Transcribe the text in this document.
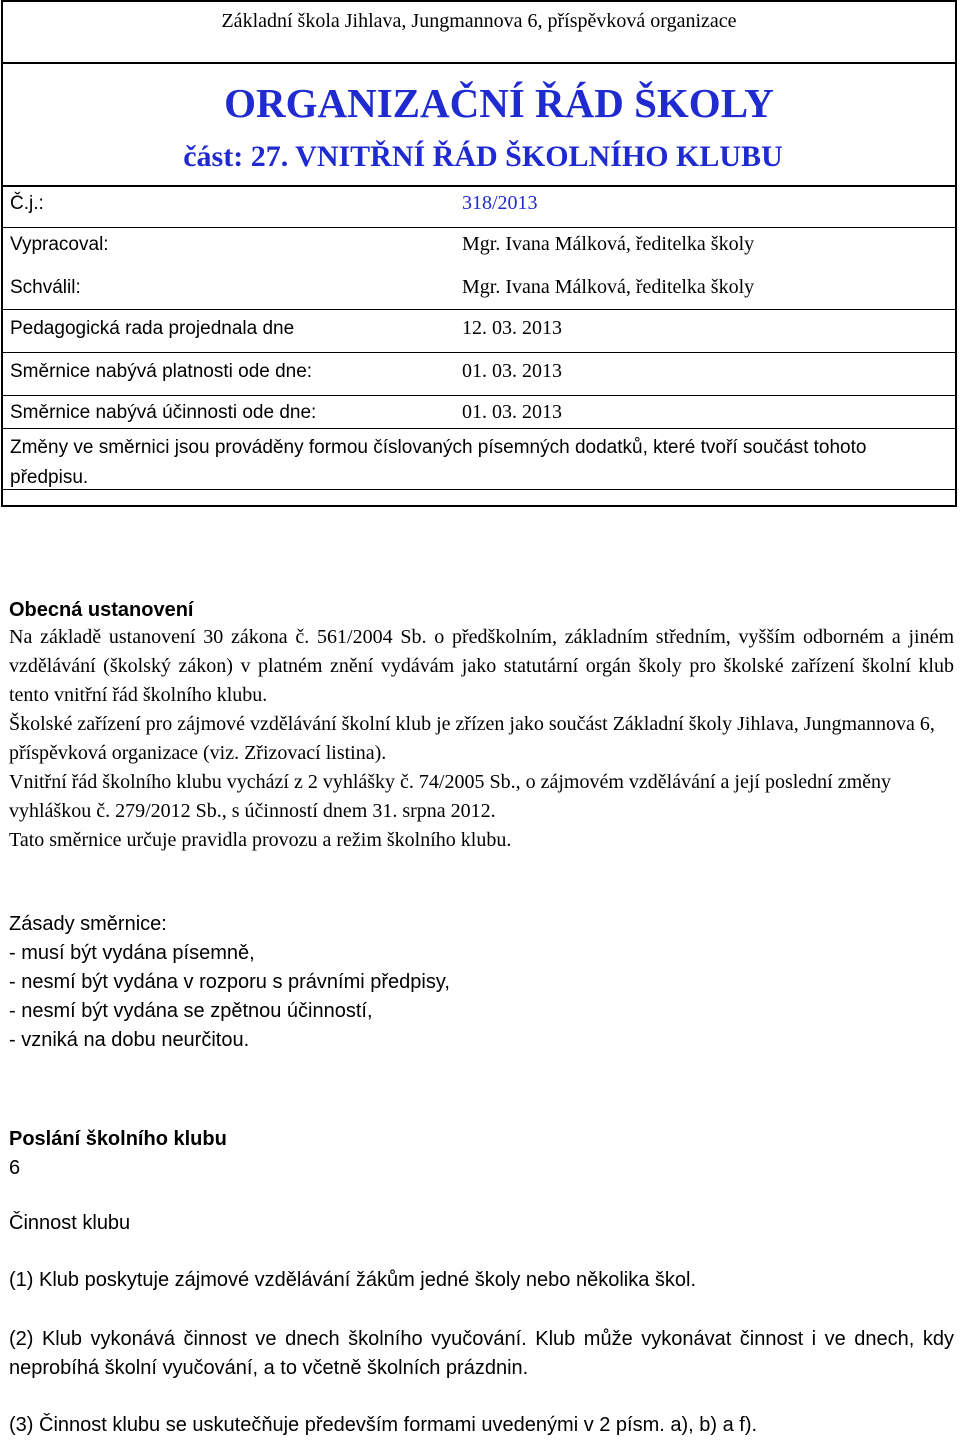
Základní škola Jihlava, Jungmannova 6, příspěvková organizace
ORGANIZAČNÍ ŘÁD ŠKOLY
část: 27. VNITŘNÍ ŘÁD ŠKOLNÍHO KLUBU
Č.j.:	318/2013
Vypracoval:	Mgr. Ivana Málková, ředitelka školy
Schválil:	Mgr. Ivana Málková, ředitelka školy
Pedagogická rada projednala dne	12. 03. 2013
Směrnice nabývá platnosti ode dne:	01. 03. 2013
Směrnice nabývá účinnosti ode dne:	01. 03. 2013
Změny ve směrnici jsou prováděny formou číslovaných písemných dodatků, které tvoří součást tohoto předpisu.
Obecná ustanovení
Na základě ustanovení 30 zákona č. 561/2004 Sb. o předškolním, základním středním, vyšším odborném a jiném vzdělávání (školský zákon) v platném znění vydávám jako statutární orgán školy pro školské zařízení školní klub tento vnitřní řád školního klubu.
Školské zařízení pro zájmové vzdělávání školní klub je zřízen jako součást Základní školy Jihlava, Jungmannova 6, příspěvková organizace (viz. Zřizovací listina).
Vnitřní řád školního klubu vychází z 2 vyhlášky č. 74/2005 Sb., o zájmovém vzdělávání a její poslední změny vyhláškou č. 279/2012 Sb., s účinností dnem 31. srpna 2012.
Tato směrnice určuje pravidla provozu a režim školního klubu.
Zásady směrnice:
- musí být vydána písemně,
- nesmí být vydána v rozporu s právními předpisy,
- nesmí být vydána se zpětnou účinností,
- vzniká na dobu neurčitou.
Poslání školního klubu
6
Činnost klubu
(1) Klub poskytuje zájmové vzdělávání žákům jedné školy nebo několika škol.
(2) Klub vykonává činnost ve dnech školního vyučování. Klub může vykonávat činnost i ve dnech, kdy neprobíhá školní vyučování, a to včetně školních prázdnin.
(3) Činnost klubu se uskutečňuje především formami uvedenými v 2 písm. a), b) a f).
